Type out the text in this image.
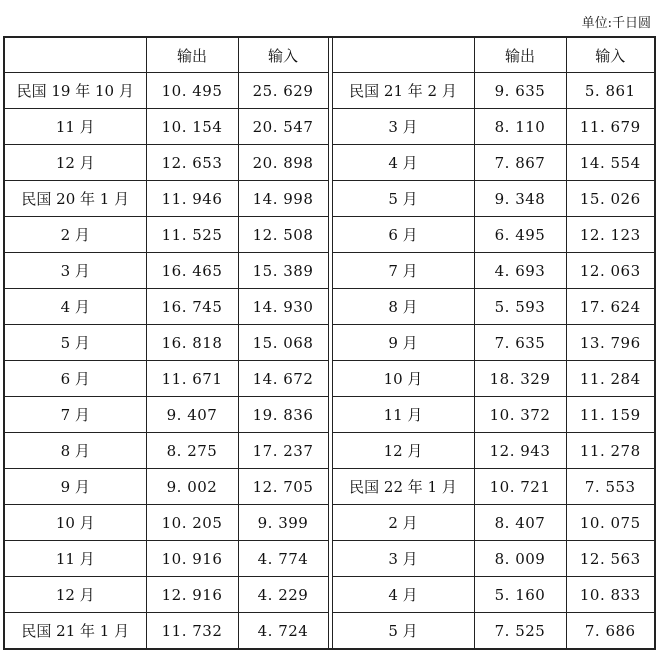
单位:千日圆
	输出	输入			输出	输入
民国 19 年 10 月	10. 495	25. 629		民国 21 年 2 月	9. 635	5. 861
11 月	10. 154	20. 547		3 月	8. 110	11. 679
12 月	12. 653	20. 898		4 月	7. 867	14. 554
民国 20 年 1 月	11. 946	14. 998		5 月	9. 348	15. 026
2 月	11. 525	12. 508		6 月	6. 495	12. 123
3 月	16. 465	15. 389		7 月	4. 693	12. 063
4 月	16. 745	14. 930		8 月	5. 593	17. 624
5 月	16. 818	15. 068		9 月	7. 635	13. 796
6 月	11. 671	14. 672		10 月	18. 329	11. 284
7 月	9. 407	19. 836		11 月	10. 372	11. 159
8 月	8. 275	17. 237		12 月	12. 943	11. 278
9 月	9. 002	12. 705		民国 22 年 1 月	10. 721	7. 553
10 月	10. 205	9. 399		2 月	8. 407	10. 075
11 月	10. 916	4. 774		3 月	8. 009	12. 563
12 月	12. 916	4. 229		4 月	5. 160	10. 833
民国 21 年 1 月	11. 732	4. 724		5 月	7. 525	7. 686
